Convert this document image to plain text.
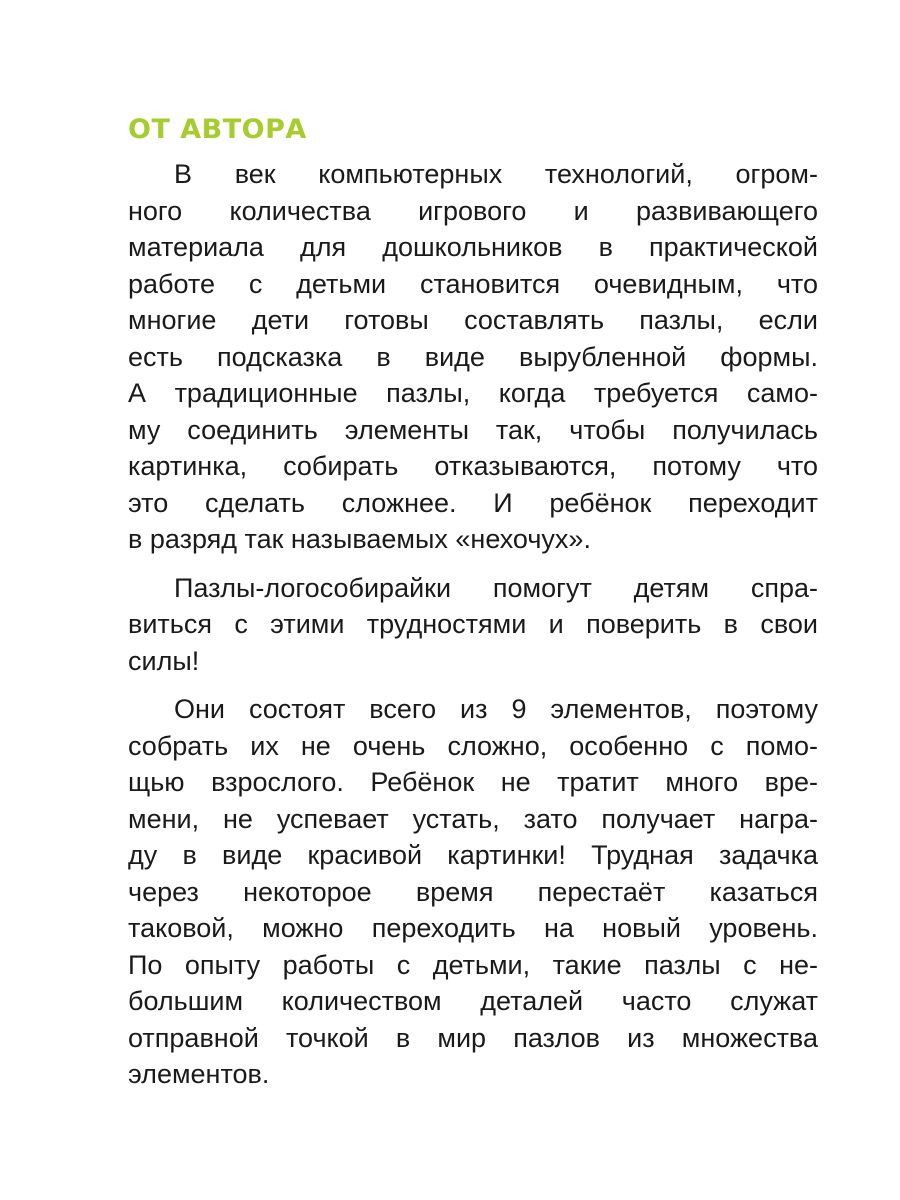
ОТ АВТОРА
В век компьютерных технологий, огром-
ного количества игрового и развивающего
материала для дошкольников в практической
работе с детьми становится очевидным, что
многие дети готовы составлять пазлы, если
есть подсказка в виде вырубленной формы.
А традиционные пазлы, когда требуется само-
му соединить элементы так, чтобы получилась
картинка, собирать отказываются, потому что
это сделать сложнее. И ребёнок переходит
в разряд так называемых «нехочух».
Пазлы-логособирайки помогут детям спра-
виться с этими трудностями и поверить в свои
силы!
Они состоят всего из 9 элементов, поэтому
собрать их не очень сложно, особенно с помо-
щью взрослого. Ребёнок не тратит много вре-
мени, не успевает устать, зато получает награ-
ду в виде красивой картинки! Трудная задачка
через некоторое время перестаёт казаться
таковой, можно переходить на новый уровень.
По опыту работы с детьми, такие пазлы с не-
большим количеством деталей часто служат
отправной точкой в мир пазлов из множества
элементов.
